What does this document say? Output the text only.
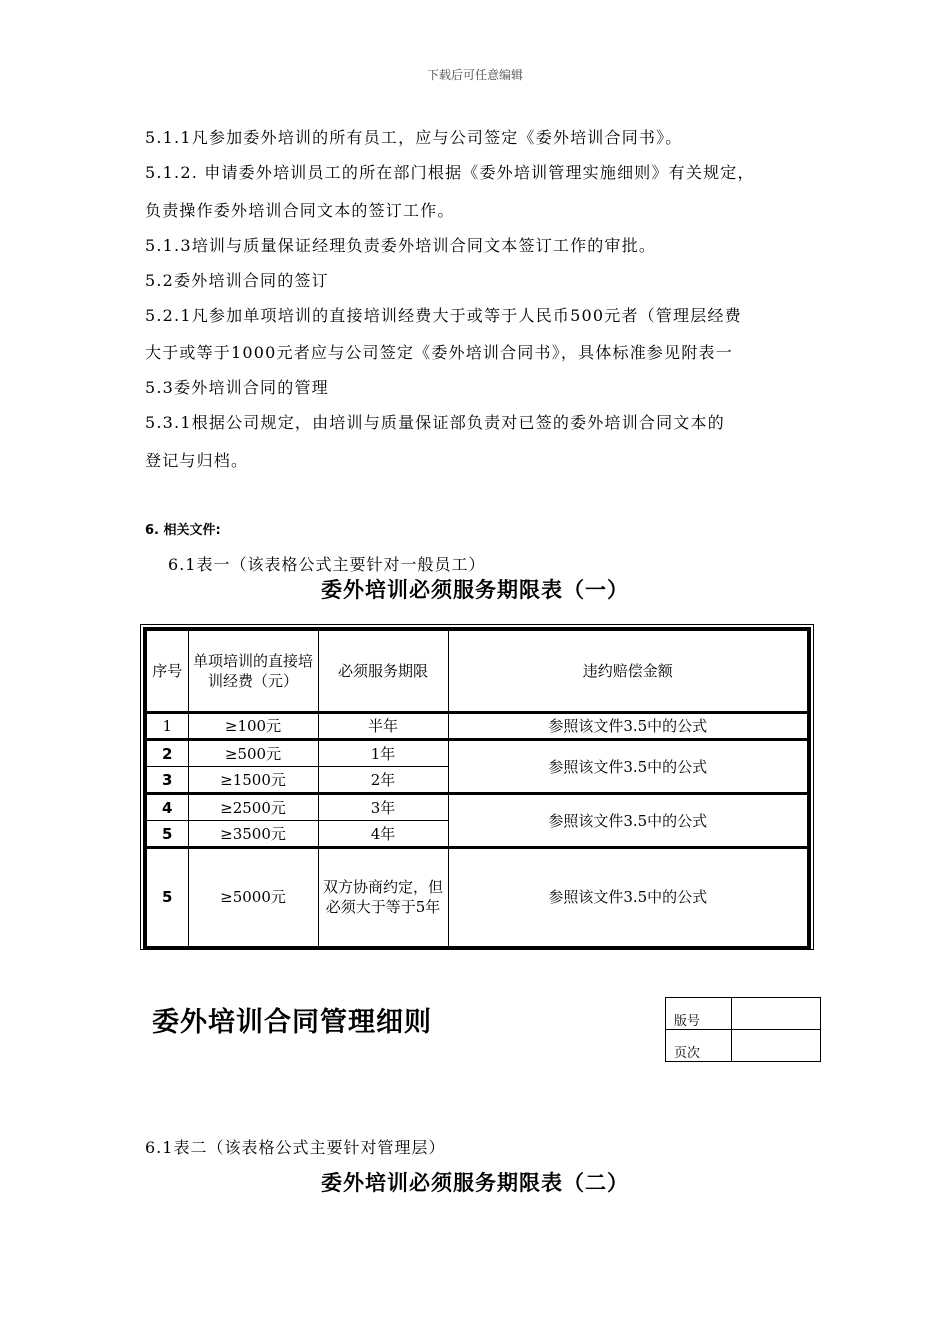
下载后可任意编辑
5.1.1凡参加委外培训的所有员工，应与公司签定《委外培训合同书》。
5.1.2. 申请委外培训员工的所在部门根据《委外培训管理实施细则》有关规定，
负责操作委外培训合同文本的签订工作。
5.1.3培训与质量保证经理负责委外培训合同文本签订工作的审批。
5.2委外培训合同的签订
5.2.1凡参加单项培训的直接培训经费大于或等于人民币500元者（管理层经费
大于或等于1000元者应与公司签定《委外培训合同书》，具体标准参见附表一
5.3委外培训合同的管理
5.3.1根据公司规定，由培训与质量保证部负责对已签的委外培训合同文本的
登记与归档。
6. 相关文件:
6.1表一（该表格公式主要针对一般员工）
委外培训必须服务期限表（一）
序号	单项培训的直接培训经费（元）	必须服务期限	违约赔偿金额
1	≥100元	半年	参照该文件3.5中的公式
2	≥500元	1年	参照该文件3.5中的公式
3	≥1500元	2年	
4	≥2500元	3年	参照该文件3.5中的公式
5	≥3500元	4年	
5	≥5000元	双方协商约定，但必须大于等于5年	参照该文件3.5中的公式
委外培训合同管理细则	版号	
页次	
6.1表二（该表格公式主要针对管理层）
委外培训必须服务期限表（二）
